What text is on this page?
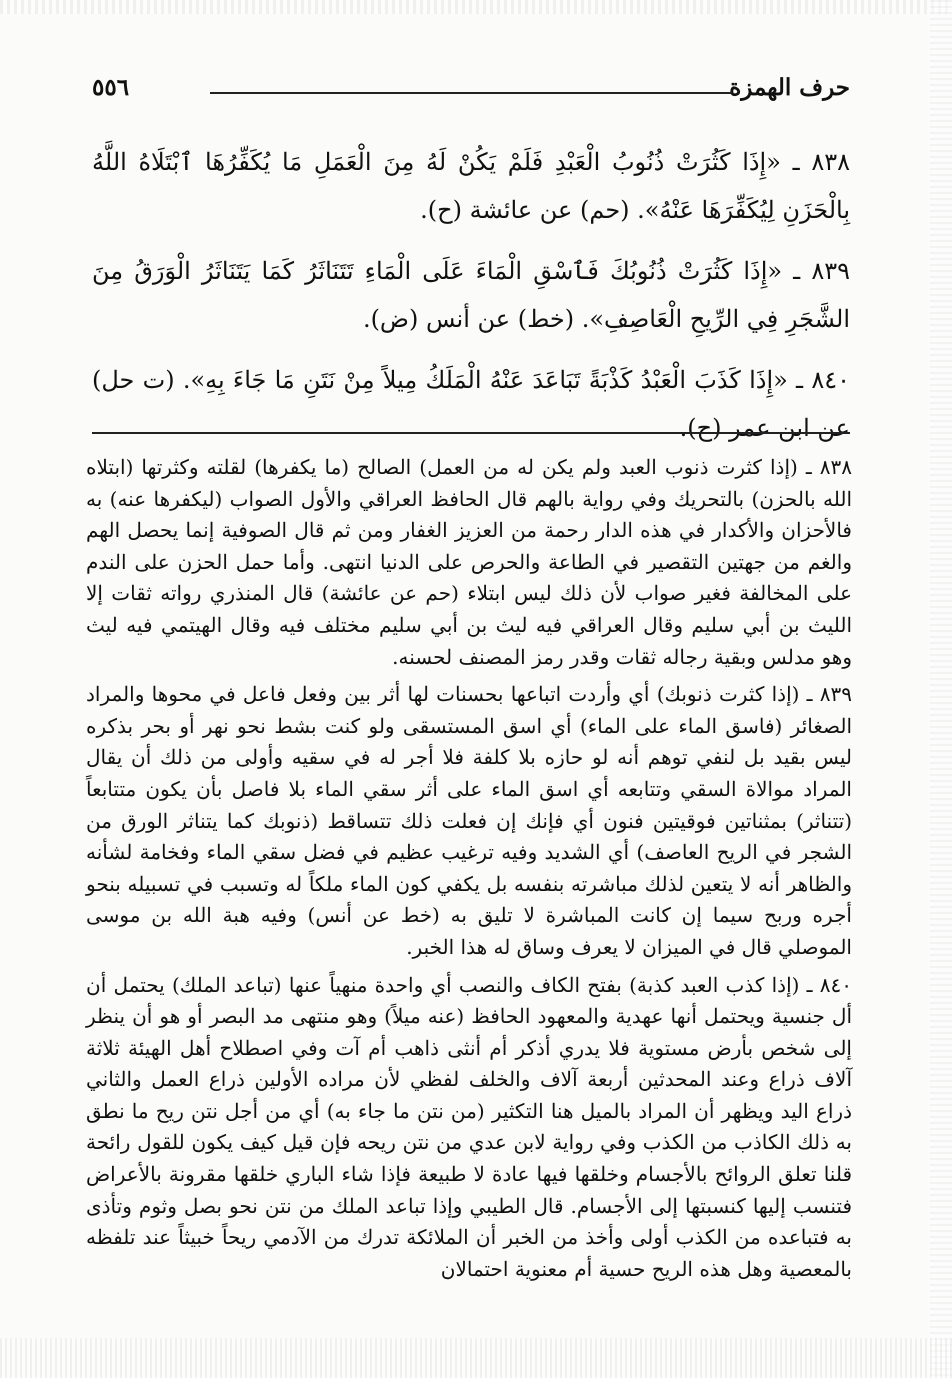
حرف الهمزة
٥٥٦

٨٣٨ ـ «إِذَا كَثُرَتْ ذُنُوبُ الْعَبْدِ فَلَمْ يَكُنْ لَهُ مِنَ الْعَمَلِ مَا يُكَفِّرُهَا ٱبْتَلَاهُ اللَّهُ بِالْحَزَنِ لِيُكَفِّرَهَا عَنْهُ». (حم) عن عائشة (ح).

٨٣٩ ـ «إِذَا كَثُرَتْ ذُنُوبُكَ فَٱسْقِ الْمَاءَ عَلَى الْمَاءِ تَتَنَاثَرُ كَمَا يَتَنَاثَرُ الْوَرَقُ مِنَ الشَّجَرِ فِي الرِّيحِ الْعَاصِفِ». (خط) عن أنس (ض).

٨٤٠ ـ «إِذَا كَذَبَ الْعَبْدُ كَذْبَةً تَبَاعَدَ عَنْهُ الْمَلَكُ مِيلاً مِنْ نَتَنِ مَا جَاءَ بِهِ». (ت حل) عن ابن عمر (ح).

٨٣٨ ـ (إذا كثرت ذنوب العبد ولم يكن له من العمل) الصالح (ما يكفرها) لقلته وكثرتها (ابتلاه الله بالحزن) بالتحريك وفي رواية بالهم قال الحافظ العراقي والأول الصواب (ليكفرها عنه) به فالأحزان والأكدار في هذه الدار رحمة من العزيز الغفار ومن ثم قال الصوفية إنما يحصل الهم والغم من جهتين التقصير في الطاعة والحرص على الدنيا انتهى. وأما حمل الحزن على الندم على المخالفة فغير صواب لأن ذلك ليس ابتلاء (حم عن عائشة) قال المنذري رواته ثقات إلا الليث بن أبي سليم وقال العراقي فيه ليث بن أبي سليم مختلف فيه وقال الهيتمي فيه ليث وهو مدلس وبقية رجاله ثقات وقدر رمز المصنف لحسنه.

٨٣٩ ـ (إذا كثرت ذنوبك) أي وأردت اتباعها بحسنات لها أثر بين وفعل فاعل في محوها والمراد الصغائر (فاسق الماء على الماء) أي اسق المستسقى ولو كنت بشط نحو نهر أو بحر بذكره ليس بقيد بل لنفي توهم أنه لو حازه بلا كلفة فلا أجر له في سقيه وأولى من ذلك أن يقال المراد موالاة السقي وتتابعه أي اسق الماء على أثر سقي الماء بلا فاصل بأن يكون متتابعاً (تتناثر) بمثناتين فوقيتين فنون أي فإنك إن فعلت ذلك تتساقط (ذنوبك كما يتناثر الورق من الشجر في الريح العاصف) أي الشديد وفيه ترغيب عظيم في فضل سقي الماء وفخامة لشأنه والظاهر أنه لا يتعين لذلك مباشرته بنفسه بل يكفي كون الماء ملكاً له وتسبب في تسبيله بنحو أجره وربح سيما إن كانت المباشرة لا تليق به (خط عن أنس) وفيه هبة الله بن موسى الموصلي قال في الميزان لا يعرف وساق له هذا الخبر.

٨٤٠ ـ (إذا كذب العبد كذبة) بفتح الكاف والنصب أي واحدة منهياً عنها (تباعد الملك) يحتمل أن أل جنسية ويحتمل أنها عهدية والمعهود الحافظ (عنه ميلاً) وهو منتهى مد البصر أو هو أن ينظر إلى شخص بأرض مستوية فلا يدري أذكر أم أنثى ذاهب أم آت وفي اصطلاح أهل الهيئة ثلاثة آلاف ذراع وعند المحدثين أربعة آلاف والخلف لفظي لأن مراده الأولين ذراع العمل والثاني ذراع اليد ويظهر أن المراد بالميل هنا التكثير (من نتن ما جاء به) أي من أجل نتن ريح ما نطق به ذلك الكاذب من الكذب وفي رواية لابن عدي من نتن ريحه فإن قيل كيف يكون للقول رائحة قلنا تعلق الروائح بالأجسام وخلقها فيها عادة لا طبيعة فإذا شاء الباري خلقها مقرونة بالأعراض فتنسب إليها كنسبتها إلى الأجسام. قال الطيبي وإذا تباعد الملك من نتن نحو بصل وثوم وتأذى به فتباعده من الكذب أولى وأخذ من الخبر أن الملائكة تدرك من الآدمي ريحاً خبيثاً عند تلفظه بالمعصية وهل هذه الريح حسية أم معنوية احتمالان
